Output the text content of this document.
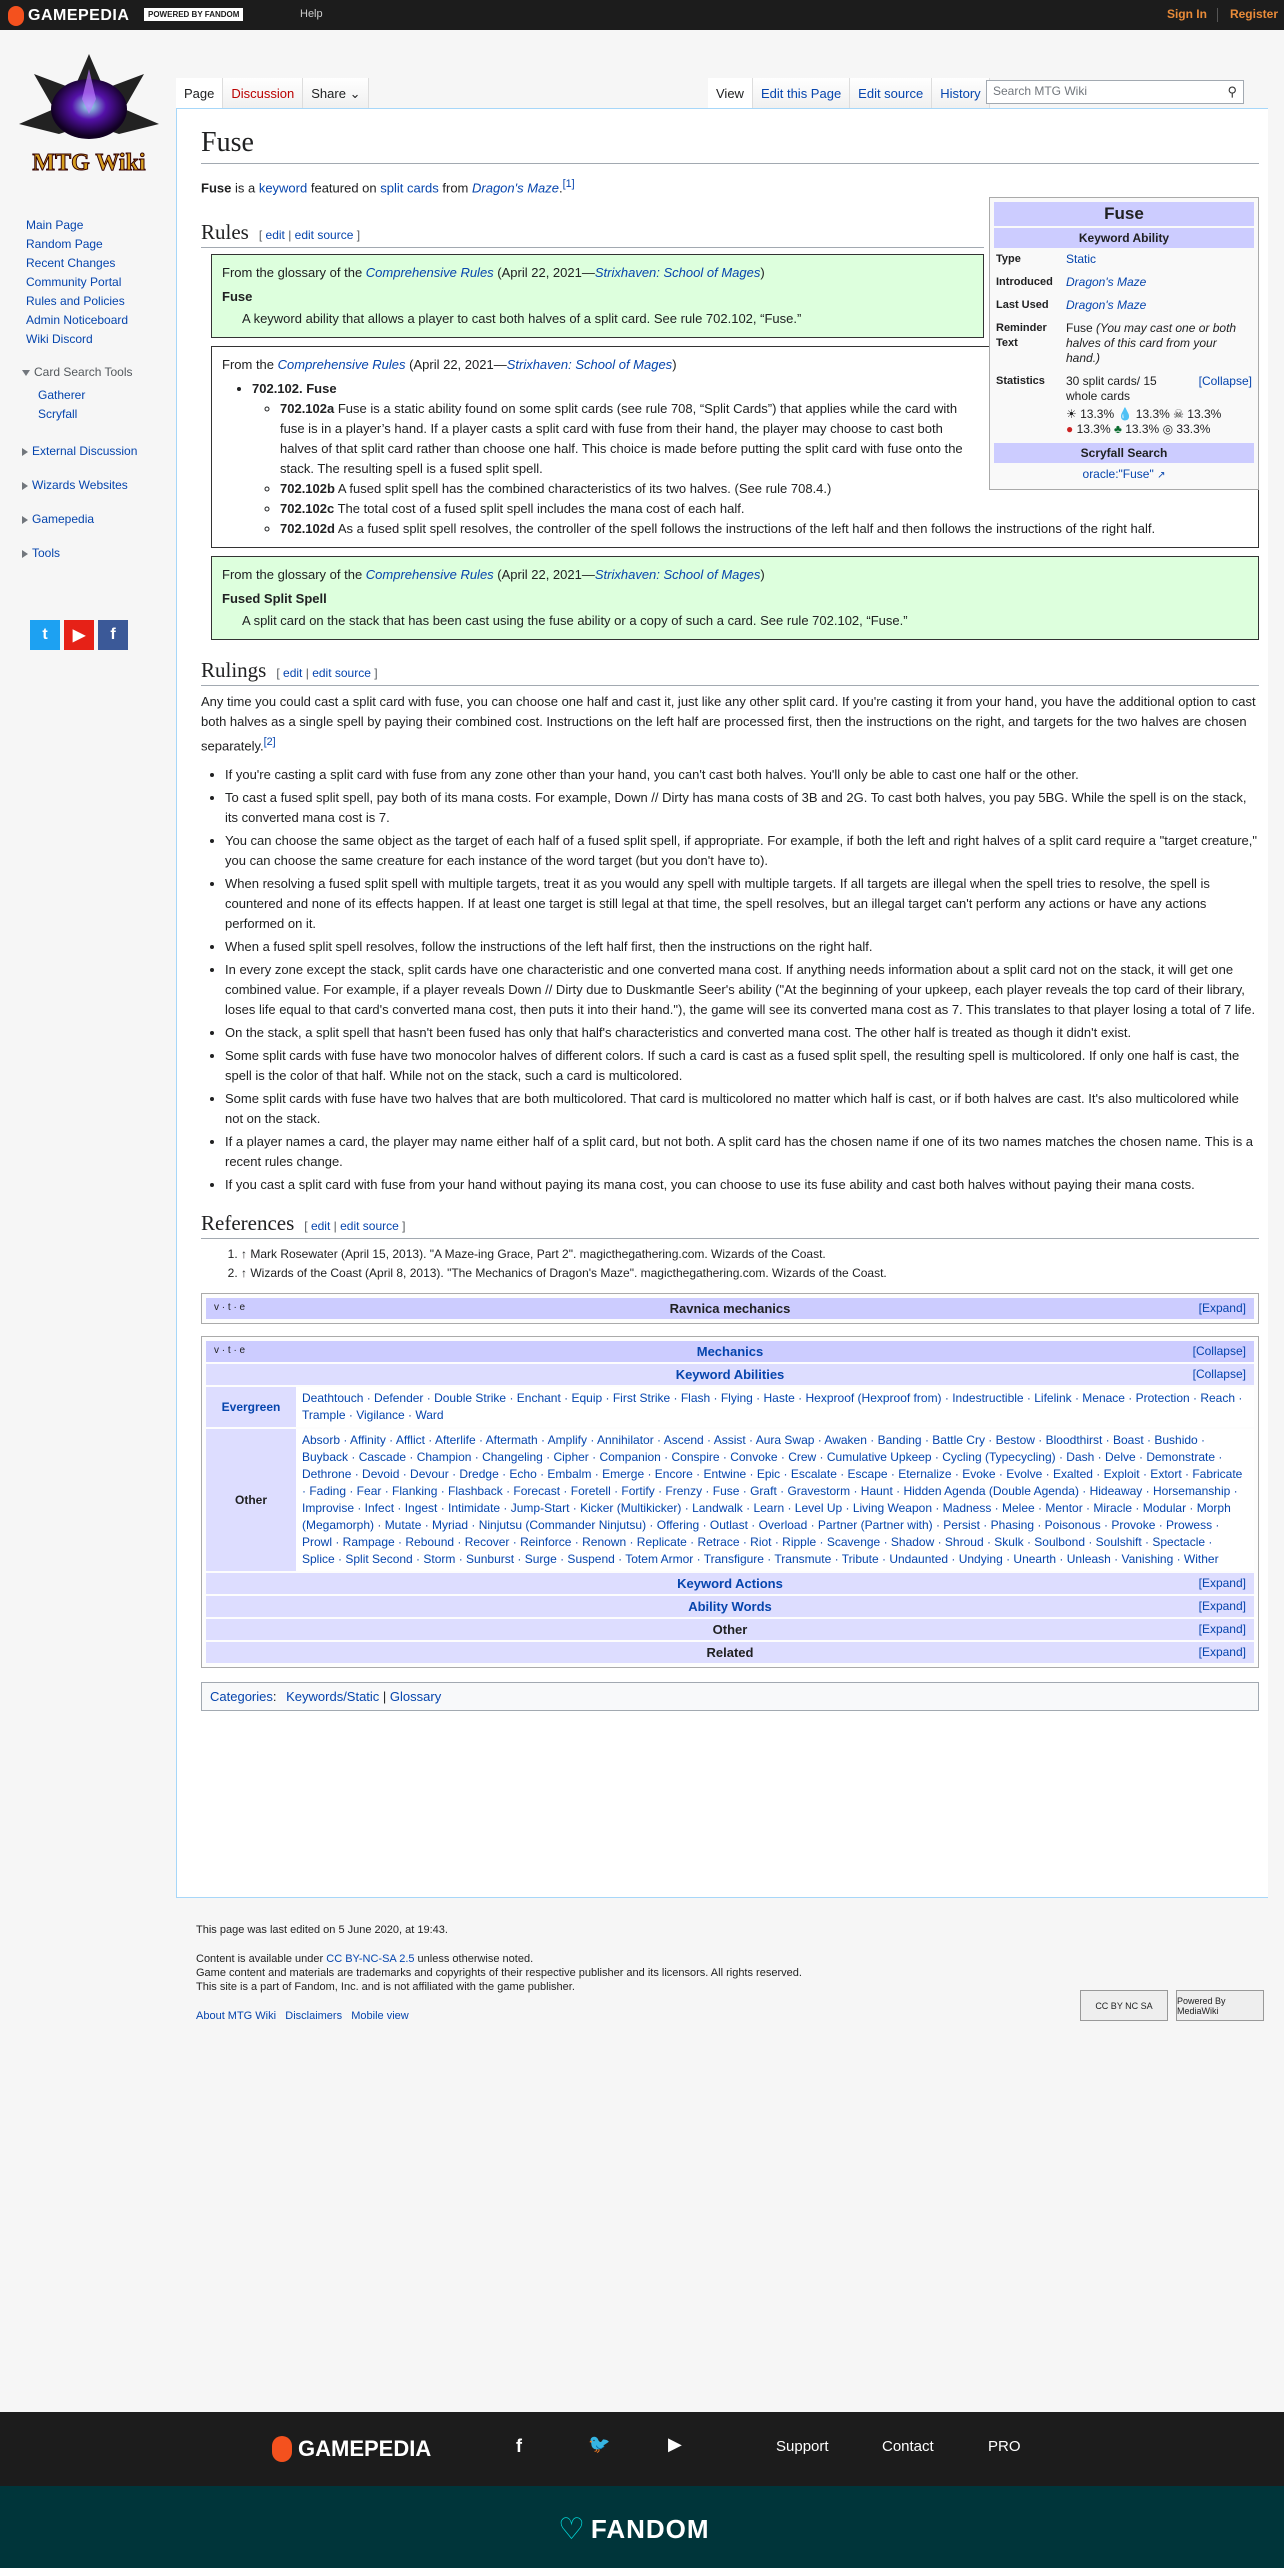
GAMEPEDIA	POWERED BY FANDOM	Help	Sign In Register
MTG Wiki
Main Page
Random Page
Recent Changes
Community Portal
Rules and Policies
Admin Noticeboard
Wiki Discord
Card Search Tools
Gatherer
Scryfall
External Discussion
Wizards Websites
Gamepedia
Tools
t	▶	f
Page	Discussion	Share ⌄	View	Edit this Page	Edit source	History	Search MTG Wiki	⚲
Fuse

Fuse is a keyword featured on split cards from Dragon's Maze.[1]

Rules [ edit | edit source ]

From the glossary of the Comprehensive Rules (April 22, 2021—Strixhaven: School of Mages)

Fuse

A keyword ability that allows a player to cast both halves of a split card. See rule 702.102, “Fuse.”

From the Comprehensive Rules (April 22, 2021—Strixhaven: School of Mages)

• 702.102. Fuse
◦ 702.102a Fuse is a static ability found on some split cards (see rule 708, “Split Cards”) that applies while the card with fuse is in a player’s hand. If a player casts a split card with fuse from their hand, the player may choose to cast both halves of that split card rather than choose one half. This choice is made before putting the split card with fuse onto the stack. The resulting spell is a fused split spell.
◦ 702.102b A fused split spell has the combined characteristics of its two halves. (See rule 708.4.)
◦ 702.102c The total cost of a fused split spell includes the mana cost of each half.
◦ 702.102d As a fused split spell resolves, the controller of the spell follows the instructions of the left half and then follows the instructions of the right half.

From the glossary of the Comprehensive Rules (April 22, 2021—Strixhaven: School of Mages)

Fused Split Spell

A split card on the stack that has been cast using the fuse ability or a copy of such a card. See rule 702.102, “Fuse.”

Rulings [ edit | edit source ]

Any time you could cast a split card with fuse, you can choose one half and cast it, just like any other split card. If you're casting it from your hand, you have the additional option to cast both halves as a single spell by paying their combined cost. Instructions on the left half are processed first, then the instructions on the right, and targets for the two halves are chosen separately.[2]

• If you're casting a split card with fuse from any zone other than your hand, you can't cast both halves. You'll only be able to cast one half or the other.
• To cast a fused split spell, pay both of its mana costs. For example, Down // Dirty has mana costs of 3B and 2G. To cast both halves, you pay 5BG. While the spell is on the stack, its converted mana cost is 7.
• You can choose the same object as the target of each half of a fused split spell, if appropriate. For example, if both the left and right halves of a split card require a "target creature," you can choose the same creature for each instance of the word target (but you don't have to).
• When resolving a fused split spell with multiple targets, treat it as you would any spell with multiple targets. If all targets are illegal when the spell tries to resolve, the spell is countered and none of its effects happen. If at least one target is still legal at that time, the spell resolves, but an illegal target can't perform any actions or have any actions performed on it.
• When a fused split spell resolves, follow the instructions of the left half first, then the instructions on the right half.
• In every zone except the stack, split cards have one characteristic and one converted mana cost. If anything needs information about a split card not on the stack, it will get one combined value. For example, if a player reveals Down // Dirty due to Duskmantle Seer's ability ("At the beginning of your upkeep, each player reveals the top card of their library, loses life equal to that card's converted mana cost, then puts it into their hand."), the game will see its converted mana cost as 7. This translates to that player losing a total of 7 life.
• On the stack, a split spell that hasn't been fused has only that half's characteristics and converted mana cost. The other half is treated as though it didn't exist.
• Some split cards with fuse have two monocolor halves of different colors. If such a card is cast as a fused split spell, the resulting spell is multicolored. If only one half is cast, the spell is the color of that half. While not on the stack, such a card is multicolored.
• Some split cards with fuse have two halves that are both multicolored. That card is multicolored no matter which half is cast, or if both halves are cast. It's also multicolored while not on the stack.
• If a player names a card, the player may name either half of a split card, but not both. A split card has the chosen name if one of its two names matches the chosen name. This is a recent rules change.
• If you cast a split card with fuse from your hand without paying its mana cost, you can choose to use its fuse ability and cast both halves without paying their mana costs.
References [ edit | edit source ]
1. ↑ Mark Rosewater (April 15, 2013). "A Maze-ing Grace, Part 2". magicthegathering.com. Wizards of the Coast.
2. ↑ Wizards of the Coast (April 8, 2013). "The Mechanics of Dragon's Maze". magicthegathering.com. Wizards of the Coast.
v · t · e	Ravnica mechanics	[Expand]
v · t · e	Mechanics	[Collapse]
Keyword Abilities	[Collapse]
Evergreen
Deathtouch · Defender · Double Strike · Enchant · Equip · First Strike · Flash · Flying · Haste · Hexproof (Hexproof from) · Indestructible · Lifelink · Menace · Protection · Reach · Trample · Vigilance · Ward
Other
Absorb · Affinity · Afflict · Afterlife · Aftermath · Amplify · Annihilator · Ascend · Assist · Aura Swap · Awaken · Banding · Battle Cry · Bestow · Bloodthirst · Boast · Bushido · Buyback · Cascade · Champion · Changeling · Cipher · Companion · Conspire · Convoke · Crew · Cumulative Upkeep · Cycling (Typecycling) · Dash · Delve · Demonstrate · Dethrone · Devoid · Devour · Dredge · Echo · Embalm · Emerge · Encore · Entwine · Epic · Escalate · Escape · Eternalize · Evoke · Evolve · Exalted · Exploit · Extort · Fabricate · Fading · Fear · Flanking · Flashback · Forecast · Foretell · Fortify · Frenzy · Fuse · Graft · Gravestorm · Haunt · Hidden Agenda (Double Agenda) · Hideaway · Horsemanship · Improvise · Infect · Ingest · Intimidate · Jump-Start · Kicker (Multikicker) · Landwalk · Learn · Level Up · Living Weapon · Madness · Melee · Mentor · Miracle · Modular · Morph (Megamorph) · Mutate · Myriad · Ninjutsu (Commander Ninjutsu) · Offering · Outlast · Overload · Partner (Partner with) · Persist · Phasing · Poisonous · Provoke · Prowess · Prowl · Rampage · Rebound · Recover · Reinforce · Renown · Replicate · Retrace · Riot · Ripple · Scavenge · Shadow · Shroud · Skulk · Soulbond · Soulshift · Spectacle · Splice · Split Second · Storm · Sunburst · Surge · Suspend · Totem Armor · Transfigure · Transmute · Tribute · Undaunted · Undying · Unearth · Unleash · Vanishing · Wither
Keyword Actions	[Expand]
Ability Words	[Expand]
Other	[Expand]
Related	[Expand]
Categories: Keywords/Static | Glossary
Fuse
Keyword Ability
Type	Static
Introduced	Dragon's Maze
Last Used	Dragon's Maze
Reminder Text
Fuse (You may cast one or both halves of this card from your hand.)
Statistics	30 split cards/ 15 whole cards
[Collapse]
☀ 13.3% 💧 13.3% ☠ 13.3%
● 13.3% ♣ 13.3% ◎ 33.3%
Scryfall Search
oracle:"Fuse" ↗

This page was last edited on 5 June 2020, at 19:43.

Content is available under CC BY-NC-SA 2.5 unless otherwise noted.

Game content and materials are trademarks and copyrights of their respective publisher and its licensors. All rights reserved.

This site is a part of Fandom, Inc. and is not affiliated with the game publisher.

About MTG Wiki Disclaimers Mobile view

CC BY NC SA	Powered By MediaWiki
GAMEPEDIA	f	🐦	▶	Support	Contact	PRO
♡ FANDOM
